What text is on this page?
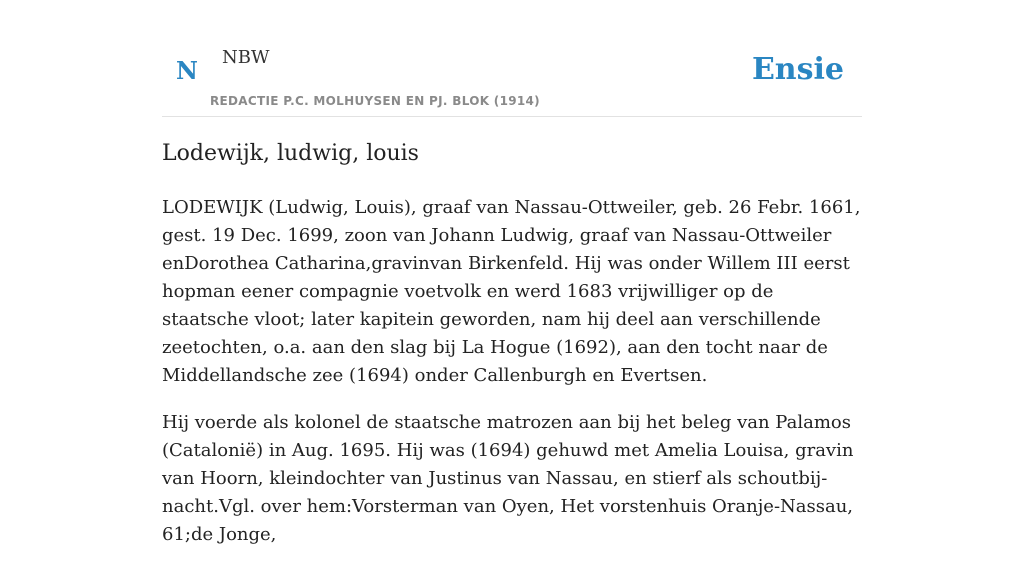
N NBW
REDACTIE P.C. MOLHUYSEN EN PJ. BLOK (1914)
Ensie
Lodewijk, ludwig, louis

LODEWIJK (Ludwig, Louis), graaf van Nassau-Ottweiler, geb. 26 Febr. 1661, gest. 19 Dec. 1699, zoon van Johann Ludwig, graaf van Nassau-Ottweiler enDorothea Catharina,gravinvan Birkenfeld. Hij was onder Willem III eerst hopman eener compagnie voetvolk en werd 1683 vrijwilliger op de staatsche vloot; later kapitein geworden, nam hij deel aan verschillende zeetochten, o.a. aan den slag bij La Hogue (1692), aan den tocht naar de Middellandsche zee (1694) onder Callenburgh en Evertsen.

Hij voerde als kolonel de staatsche matrozen aan bij het beleg van Palamos (Catalonië) in Aug. 1695. Hij was (1694) gehuwd met Amelia Louisa, gravin van Hoorn, kleindochter van Justinus van Nassau, en stierf als schoutbij-nacht.Vgl. over hem:Vorsterman van Oyen, Het vorstenhuis Oranje-Nassau, 61;de Jonge,
